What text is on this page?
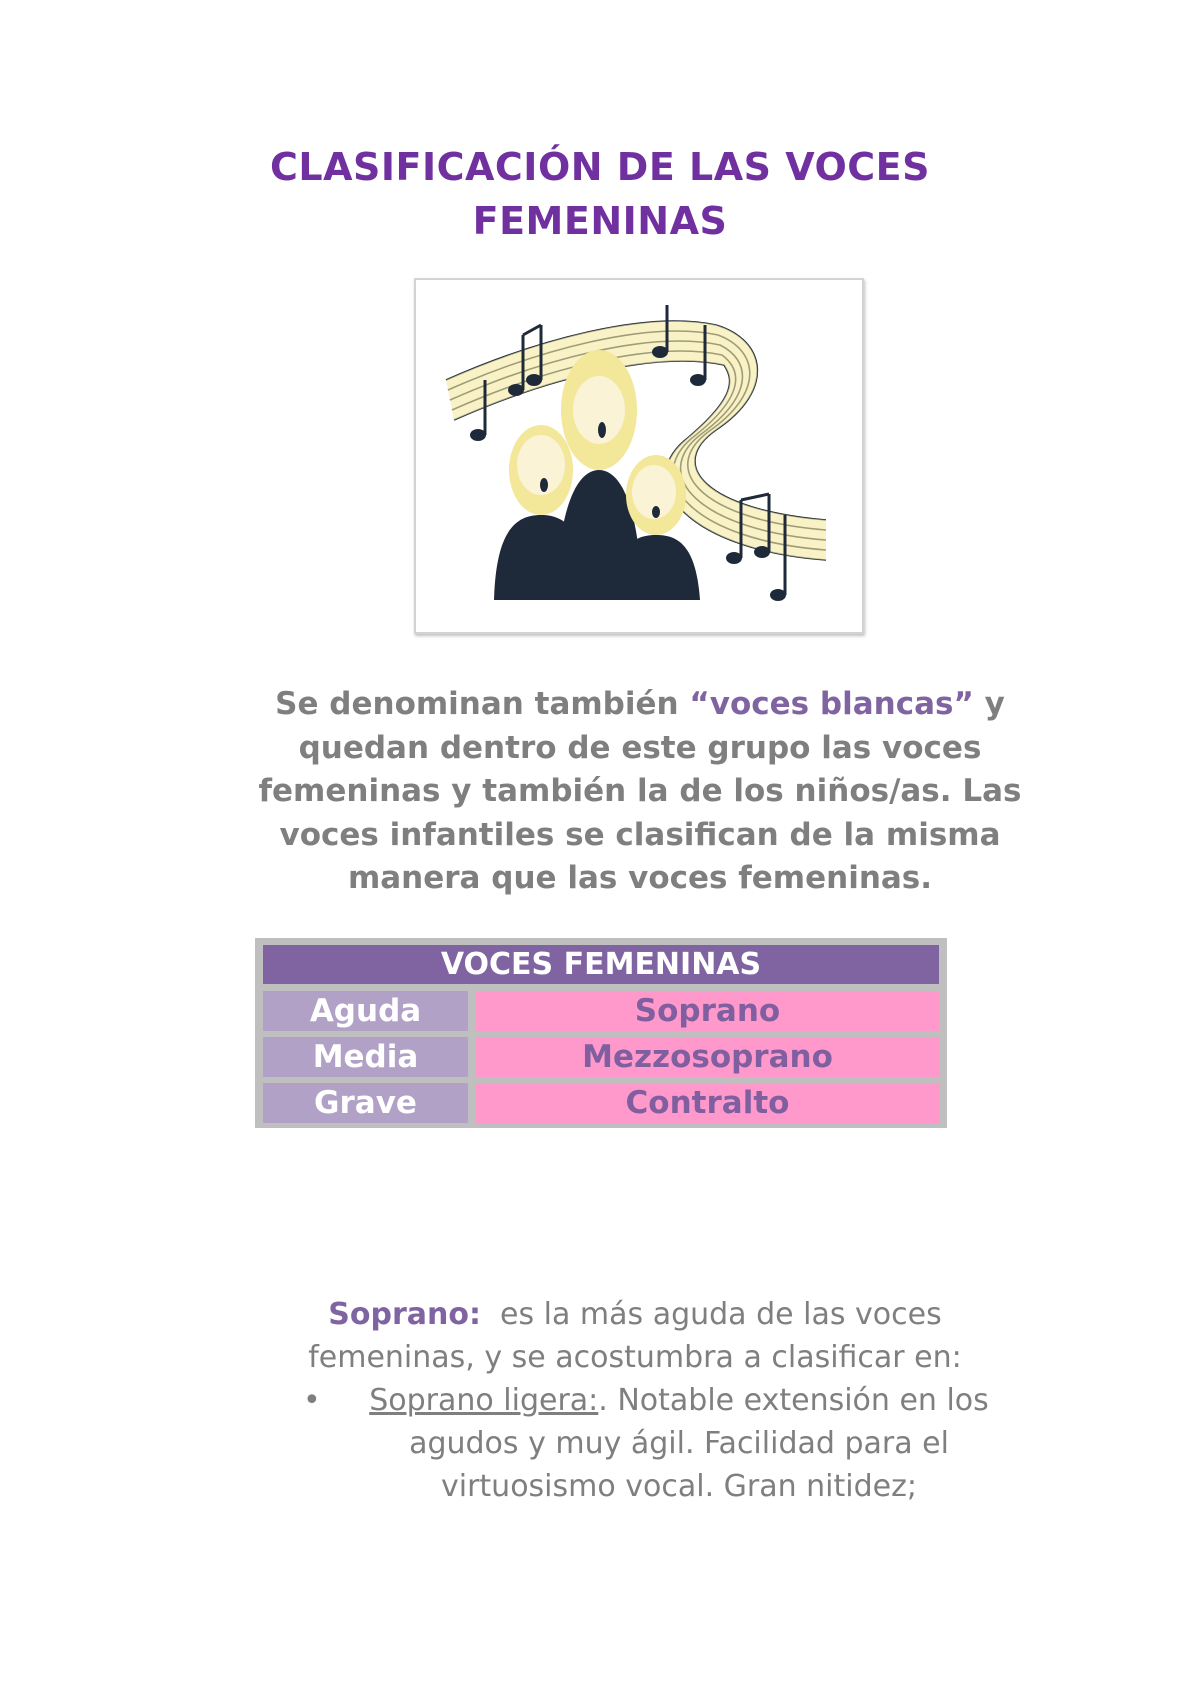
CLASIFICACIÓN DE LAS VOCES
FEMENINAS

Se denominan también “voces blancas” y quedan dentro de este grupo las voces femeninas y también la de los niños/as. Las voces infantiles se clasifican de la misma manera que las voces femeninas.

VOCES FEMENINAS
Aguda	Soprano
Media	Mezzosoprano
Grave	Contralto
Soprano:  es la más aguda de las voces femeninas, y se acostumbra a clasificar en:
• Soprano ligera:. Notable extensión en los agudos y muy ágil. Facilidad para el virtuosismo vocal. Gran nitidez;
